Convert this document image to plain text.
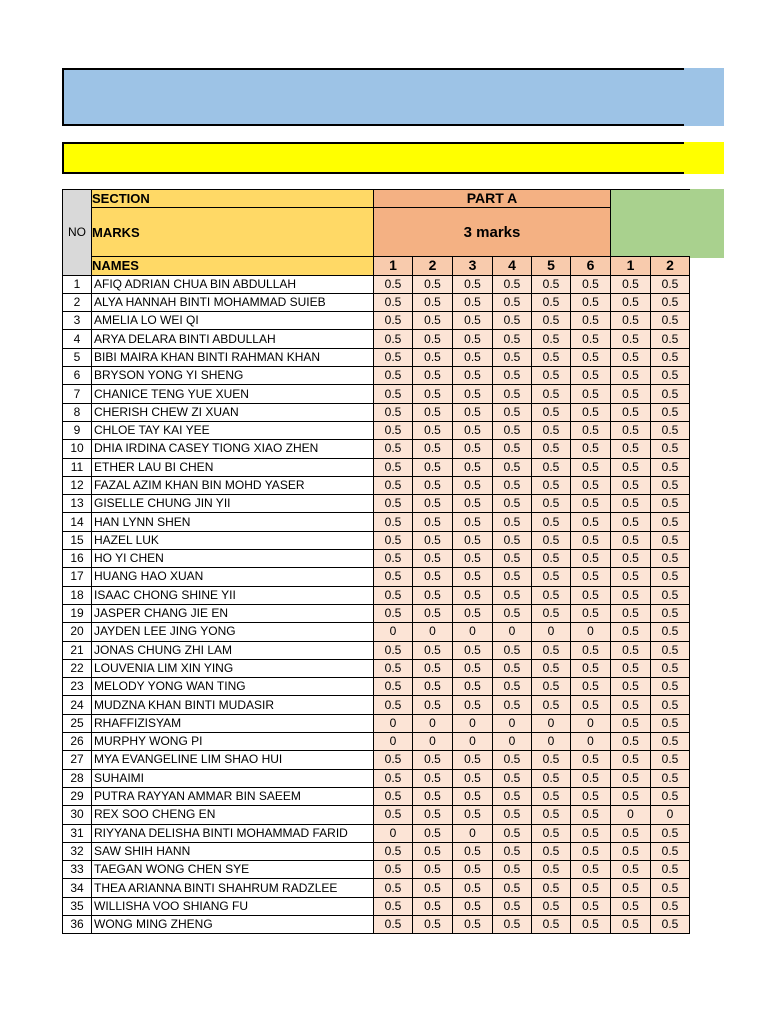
NO	SECTION	PART A							
	MARKS	3 marks							
	NAMES	1	2	3	4	5	6	1	2
1	AFIQ ADRIAN CHUA BIN ABDULLAH	0.5	0.5	0.5	0.5	0.5	0.5	0.5	0.5
2	ALYA HANNAH BINTI MOHAMMAD SUIEB	0.5	0.5	0.5	0.5	0.5	0.5	0.5	0.5
3	AMELIA LO WEI QI	0.5	0.5	0.5	0.5	0.5	0.5	0.5	0.5
4	ARYA DELARA BINTI ABDULLAH	0.5	0.5	0.5	0.5	0.5	0.5	0.5	0.5
5	BIBI MAIRA KHAN BINTI RAHMAN KHAN	0.5	0.5	0.5	0.5	0.5	0.5	0.5	0.5
6	BRYSON YONG YI SHENG	0.5	0.5	0.5	0.5	0.5	0.5	0.5	0.5
7	CHANICE TENG YUE XUEN	0.5	0.5	0.5	0.5	0.5	0.5	0.5	0.5
8	CHERISH CHEW ZI XUAN	0.5	0.5	0.5	0.5	0.5	0.5	0.5	0.5
9	CHLOE TAY KAI YEE	0.5	0.5	0.5	0.5	0.5	0.5	0.5	0.5
10	DHIA IRDINA CASEY TIONG XIAO ZHEN	0.5	0.5	0.5	0.5	0.5	0.5	0.5	0.5
11	ETHER LAU BI CHEN	0.5	0.5	0.5	0.5	0.5	0.5	0.5	0.5
12	FAZAL AZIM KHAN BIN MOHD YASER	0.5	0.5	0.5	0.5	0.5	0.5	0.5	0.5
13	GISELLE CHUNG JIN YII	0.5	0.5	0.5	0.5	0.5	0.5	0.5	0.5
14	HAN LYNN SHEN	0.5	0.5	0.5	0.5	0.5	0.5	0.5	0.5
15	HAZEL LUK	0.5	0.5	0.5	0.5	0.5	0.5	0.5	0.5
16	HO YI CHEN	0.5	0.5	0.5	0.5	0.5	0.5	0.5	0.5
17	HUANG HAO XUAN	0.5	0.5	0.5	0.5	0.5	0.5	0.5	0.5
18	ISAAC CHONG SHINE YII	0.5	0.5	0.5	0.5	0.5	0.5	0.5	0.5
19	JASPER CHANG JIE EN	0.5	0.5	0.5	0.5	0.5	0.5	0.5	0.5
20	JAYDEN LEE JING YONG	0	0	0	0	0	0	0.5	0.5
21	JONAS CHUNG ZHI LAM	0.5	0.5	0.5	0.5	0.5	0.5	0.5	0.5
22	LOUVENIA LIM XIN YING	0.5	0.5	0.5	0.5	0.5	0.5	0.5	0.5
23	MELODY YONG WAN TING	0.5	0.5	0.5	0.5	0.5	0.5	0.5	0.5
24	MUDZNA KHAN BINTI MUDASIR	0.5	0.5	0.5	0.5	0.5	0.5	0.5	0.5
25	RHAFFIZISYAM	0	0	0	0	0	0	0.5	0.5
26	MURPHY WONG PI	0	0	0	0	0	0	0.5	0.5
27	MYA EVANGELINE LIM SHAO HUI	0.5	0.5	0.5	0.5	0.5	0.5	0.5	0.5
28	SUHAIMI	0.5	0.5	0.5	0.5	0.5	0.5	0.5	0.5
29	PUTRA RAYYAN AMMAR BIN SAEEM	0.5	0.5	0.5	0.5	0.5	0.5	0.5	0.5
30	REX SOO CHENG EN	0.5	0.5	0.5	0.5	0.5	0.5	0	0
31	RIYYANA DELISHA BINTI MOHAMMAD FARID	0	0.5	0	0.5	0.5	0.5	0.5	0.5
32	SAW SHIH HANN	0.5	0.5	0.5	0.5	0.5	0.5	0.5	0.5
33	TAEGAN WONG CHEN SYE	0.5	0.5	0.5	0.5	0.5	0.5	0.5	0.5
34	THEA ARIANNA BINTI SHAHRUM RADZLEE	0.5	0.5	0.5	0.5	0.5	0.5	0.5	0.5
35	WILLISHA VOO SHIANG FU	0.5	0.5	0.5	0.5	0.5	0.5	0.5	0.5
36	WONG MING ZHENG	0.5	0.5	0.5	0.5	0.5	0.5	0.5	0.5
